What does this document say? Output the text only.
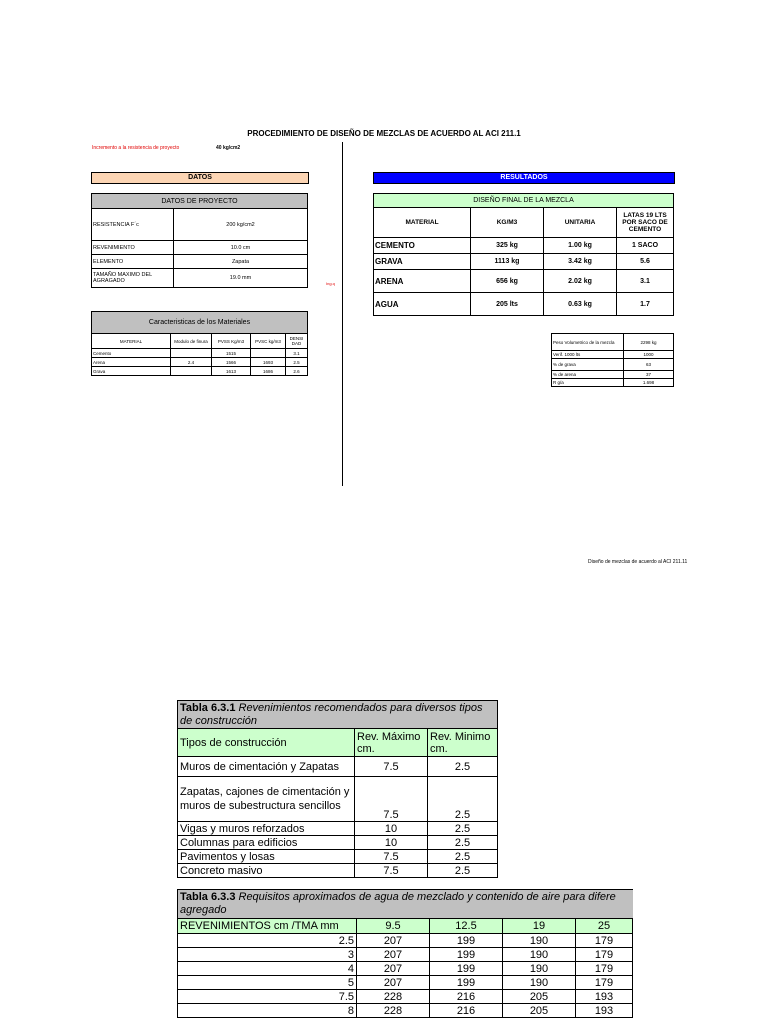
PROCEDIMIENTO DE DISEÑO DE MEZCLAS DE ACUERDO AL ACI 211.1
Incremento a la resistencia de proyecto	40 kg/cm2
DATOS	RESULTADOS
DATOS DE PROYECTO	
RESISTENCIA F´c	200 kg/cm2
REVENIMIENTO	10.0 cm
ELEMENTO	Zapata
TAMAÑO MAXIMO DEL AGRAGADO	19.0 mm
Ing.q
Caracteristicas de los Materiales				
MATERIAL	Modulo de finura	PVSS Kg/m3	PVSC kg/m3	DENSI DAD
Cemento		1515		3.1
Arena	2.4	1566	1693	2.5
Grava		1613	1686	2.6
DISEÑO FINAL DE LA MEZCLA			
MATERIAL	KG/M3	UNITARIA	LATAS 19 LTS POR SACO DE CEMENTO
CEMENTO	325 kg	1.00 kg	1 SACO
GRAVA	1113 kg	3.42 kg	5.6
ARENA	656 kg	2.02 kg	3.1
AGUA	205 lts	0.63 kg	1.7
Peso Volumetrico de la mezcla	2298 kg
Verif. 1000 lts	1000
% de grava	63
% de arena	37
R g/a	1.698
Diseño de mezclas de acuerdo al ACI 211.11
Tabla 6.3.1 Revenimientos recomendados para diversos tipos de construcción		
Tipos de construcción	Rev. Máximo cm.	Rev. Minimo cm.
Muros de cimentación y Zapatas	7.5	2.5
Zapatas, cajones de cimentación y muros de subestructura sencillos	7.5	2.5
Vigas y muros reforzados	10	2.5
Columnas para edificios	10	2.5
Pavimentos y losas	7.5	2.5
Concreto masivo	7.5	2.5
Tabla 6.3.3 Requisitos aproximados de agua de mezclado y contenido de aire para difere agregado				
REVENIMIENTOS cm /TMA mm	9.5	12.5	19	25
2.5	207	199	190	179
3	207	199	190	179
4	207	199	190	179
5	207	199	190	179
7.5	228	216	205	193
8	228	216	205	193
